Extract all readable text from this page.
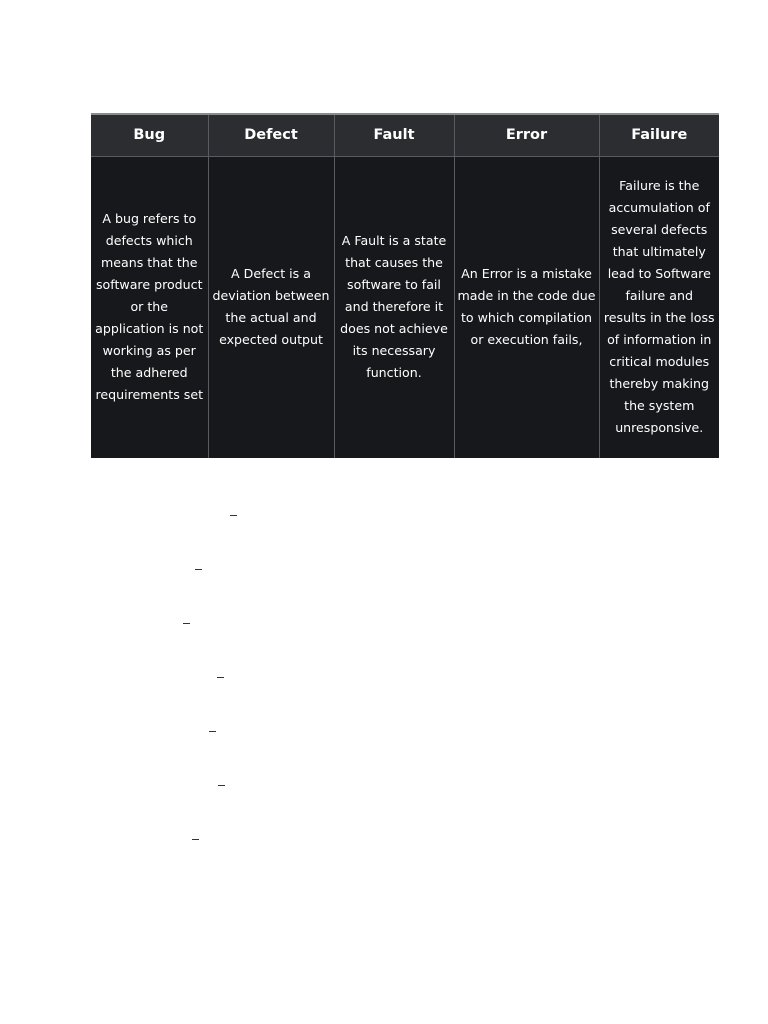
Bug	Defect	Fault	Error	Failure
A bug refers to defects which means that the software product or the application is not working as per the adhered requirements set	A Defect is a deviation between the actual and expected output	A Fault is a state that causes the software to fail and therefore it does not achieve its necessary function.	An Error is a mistake made in the code due to which compilation or execution fails,	Failure is the accumulation of several defects that ultimately lead to Software failure and results in the loss of information in critical modules thereby making the system unresponsive.
